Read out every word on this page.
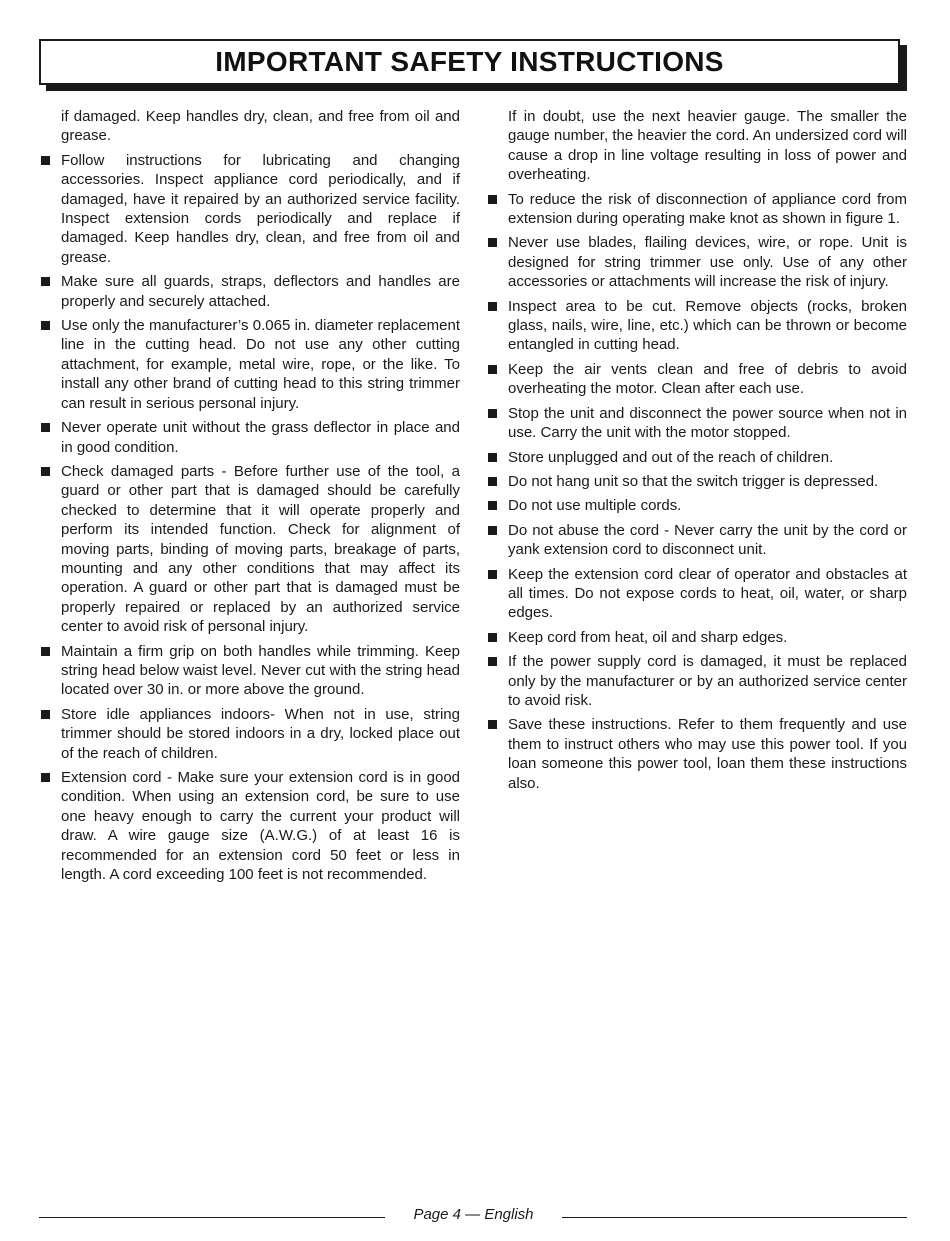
IMPORTANT SAFETY INSTRUCTIONS

if damaged. Keep handles dry, clean, and free from oil and grease.

Follow instructions for lubricating and changing accessories. Inspect appliance cord periodically, and if damaged, have it repaired by an authorized service facility. Inspect extension cords periodically and replace if damaged. Keep handles dry, clean, and free from oil and grease.
Make sure all guards, straps, deflectors and handles are properly and securely attached.
Use only the manufacturer’s 0.065 in. diameter replacement line in the cutting head. Do not use any other cutting attachment, for example, metal wire, rope, or the like. To install any other brand of cutting head to this string trimmer can result in serious personal injury.
Never operate unit without the grass deflector in place and in good condition.
Check damaged parts - Before further use of the tool, a guard or other part that is damaged should be carefully checked to determine that it will operate properly and perform its intended function. Check for alignment of moving parts, binding of moving parts, breakage of parts, mounting and any other conditions that may affect its operation. A guard or other part that is damaged must be properly repaired or replaced by an authorized service center to avoid risk of personal injury.
Maintain a firm grip on both handles while trimming. Keep string head below waist level. Never cut with the string head located over 30 in. or more above the ground.
Store idle appliances indoors- When not in use, string trimmer should be stored indoors in a dry, locked place out of the reach of children.
Extension cord - Make sure your extension cord is in good condition. When using an extension cord, be sure to use one heavy enough to carry the current your product will draw. A wire gauge size (A.W.G.) of at least 16 is recommended for an extension cord 50 feet or less in length. A cord exceeding 100 feet is not recommended.

If in doubt, use the next heavier gauge. The smaller the gauge number, the heavier the cord. An undersized cord will cause a drop in line voltage resulting in loss of power and overheating.

To reduce the risk of disconnection of appliance cord from extension during operating make knot as shown in figure 1.
Never use blades, flailing devices, wire, or rope. Unit is designed for string trimmer use only. Use of any other accessories or attachments will increase the risk of injury.
Inspect area to be cut. Remove objects (rocks, broken glass, nails, wire, line, etc.) which can be thrown or become entangled in cutting head.
Keep the air vents clean and free of debris to avoid overheating the motor. Clean after each use.
Stop the unit and disconnect the power source when not in use. Carry the unit with the motor stopped.
Store unplugged and out of the reach of children.
Do not hang unit so that the switch trigger is depressed.
Do not use multiple cords.
Do not abuse the cord - Never carry the unit by the cord or yank extension cord to disconnect unit.
Keep the extension cord clear of operator and obstacles at all times. Do not expose cords to heat, oil, water, or sharp edges.
Keep cord from heat, oil and sharp edges.
If the power supply cord is damaged, it must be replaced only by the manufacturer or by an authorized service center to avoid risk.
Save these instructions. Refer to them frequently and use them to instruct others who may use this power tool. If you loan someone this power tool, loan them these instructions also.
Page 4 — English
